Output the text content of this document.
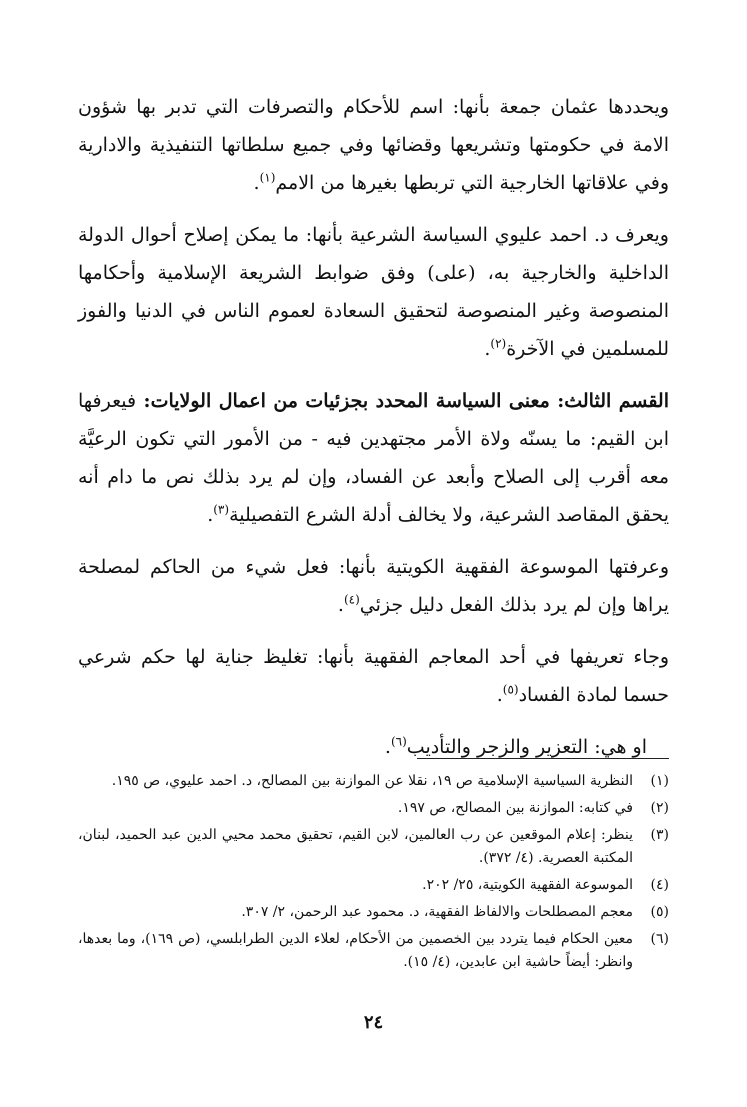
ويحددها عثمان جمعة بأنها: اسم للأحكام والتصرفات التي تدبر بها شؤون الامة في حكومتها وتشريعها وقضائها وفي جميع سلطاتها التنفيذية والادارية وفي علاقاتها الخارجية التي تربطها بغيرها من الامم$^{(١)}$.

ويعرف د. احمد عليوي السياسة الشرعية بأنها: ما يمكن إصلاح أحوال الدولة الداخلية والخارجية به، (على) وفق ضوابط الشريعة الإسلامية وأحكامها المنصوصة وغير المنصوصة لتحقيق السعادة لعموم الناس في الدنيا والفوز للمسلمين في الآخرة$^{(٢)}$.

القسم الثالث: معنى السياسة المحدد بجزئيات من اعمال الولايات: فيعرفها ابن القيم: ما يسنّه ولاة الأمر مجتهدين فيه - من الأمور التي تكون الرعيَّة معه أقرب إلى الصلاح وأبعد عن الفساد، وإن لم يرد بذلك نص ما دام أنه يحقق المقاصد الشرعية، ولا يخالف أدلة الشرع التفصيلية$^{(٣)}$.

وعرفتها الموسوعة الفقهية الكويتية بأنها: فعل شيء من الحاكم لمصلحة يراها وإن لم يرد بذلك الفعل دليل جزئي$^{(٤)}$.

وجاء تعريفها في أحد المعاجم الفقهية بأنها: تغليظ جناية لها حكم شرعي حسما لمادة الفساد$^{(٥)}$.

او هي: التعزير والزجر والتأديب$^{(٦)}$.

(١)
النظرية السياسية الإسلامية ص ١٩، نقلا عن الموازنة بين المصالح، د. احمد عليوي، ص ١٩٥.
(٢)
في كتابه: الموازنة بين المصالح، ص ١٩٧.
(٣)
ينظر: إعلام الموقعين عن رب العالمين، لابن القيم، تحقيق محمد محيي الدين عبد الحميد، لبنان، المكتبة العصرية. (٤/ ٣٧٢).
(٤)
الموسوعة الفقهية الكويتية، ٢٥/ ٢٠٢.
(٥)
معجم المصطلحات والالفاظ الفقهية، د. محمود عبد الرحمن، ٢/ ٣٠٧.
(٦)
معين الحكام فيما يتردد بين الخصمين من الأحكام، لعلاء الدين الطرابلسي، (ص ١٦٩)، وما بعدها، وانظر: أيضاً حاشية ابن عابدين، (٤/ ١٥).
٢٤
